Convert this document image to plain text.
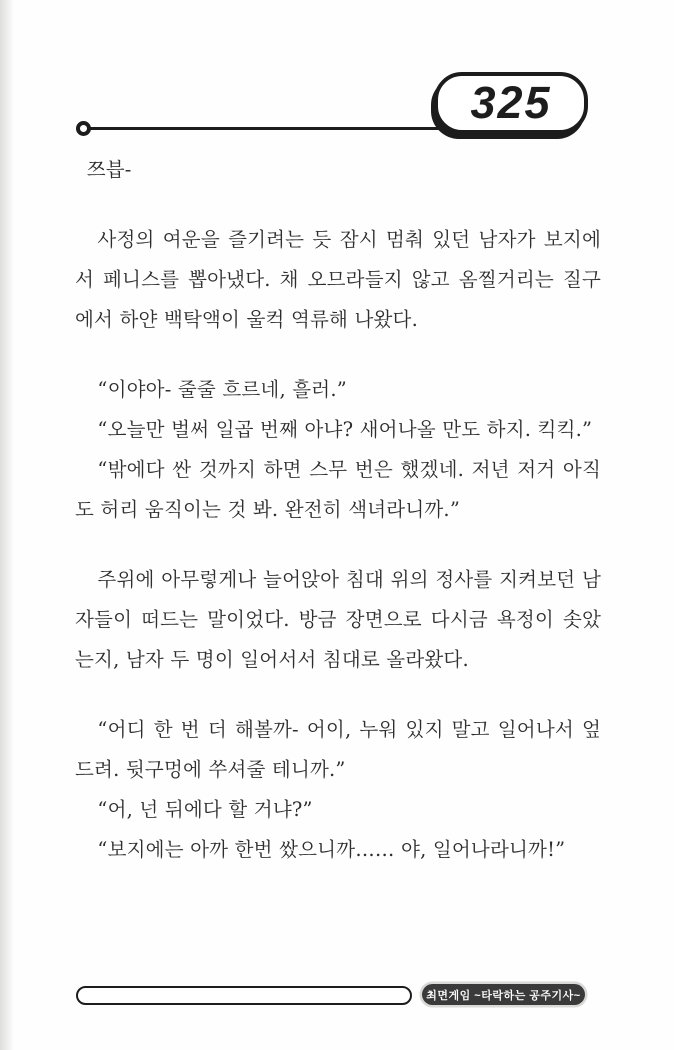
325

쯔븝-

사정의 여운을 즐기려는 듯 잠시 멈춰 있던 남자가 보지에서 페니스를 뽑아냈다. 채 오므라들지 않고 옴찔거리는 질구에서 하얀 백탁액이 울컥 역류해 나왔다.

“이야아- 줄줄 흐르네, 흘러.”

“오늘만 벌써 일곱 번째 아냐? 새어나올 만도 하지. 킥킥.”

“밖에다 싼 것까지 하면 스무 번은 했겠네. 저년 저거 아직도 허리 움직이는 것 봐. 완전히 색녀라니까.”

주위에 아무렇게나 늘어앉아 침대 위의 정사를 지켜보던 남자들이 떠드는 말이었다. 방금 장면으로 다시금 욕정이 솟았는지, 남자 두 명이 일어서서 침대로 올라왔다.

“어디 한 번 더 해볼까- 어이, 누워 있지 말고 일어나서 엎드려. 뒷구멍에 쑤셔줄 테니까.”

“어, 넌 뒤에다 할 거냐?”

“보지에는 아까 한번 쌌으니까…… 야, 일어나라니까!”

최면게임 ~타락하는 공주기사~
